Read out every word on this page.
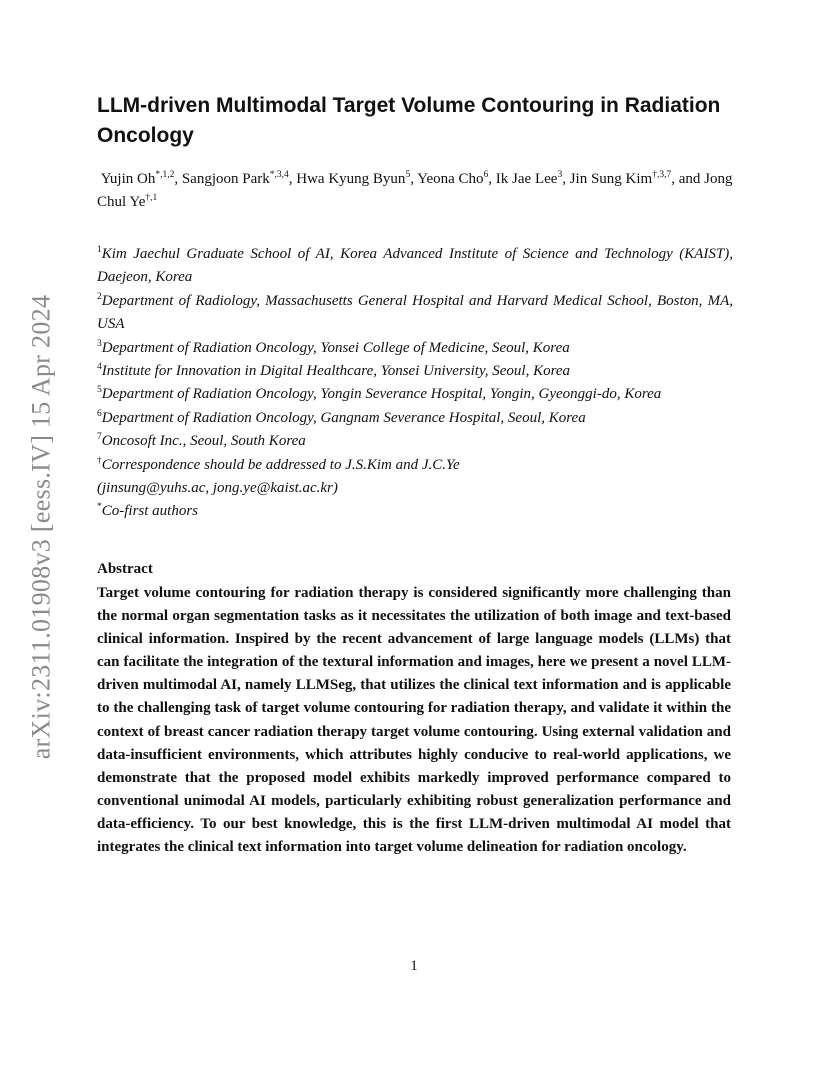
arXiv:2311.01908v3 [eess.IV] 15 Apr 2024
LLM-driven Multimodal Target Volume Contouring in Radiation Oncology
Yujin $Oh^{*,1,2}$, Sangjoon Park$^{*,3,4}$, Hwa Kyung Byun$^5$, Yeona Cho$^6$, Ik Jae Lee$^3$, Jin Sung Kim$^{\dagger,3,7}$, and Jong Chul $Ye^{\dagger,1}$
$^1$Kim Jaechul Graduate School of AI, Korea Advanced Institute of Science and Technology (KAIST), Daejeon, Korea
$^2$Department of Radiology, Massachusetts General Hospital and Harvard Medical School, Boston, MA, USA
$^3$Department of Radiation Oncology, Yonsei College of Medicine, Seoul, Korea
$^4$Institute for Innovation in Digital Healthcare, Yonsei University, Seoul, Korea
$^5$Department of Radiation Oncology, Yongin Severance Hospital, Yongin, Gyeonggi-do, Korea
$^6$Department of Radiation Oncology, Gangnam Severance Hospital, Seoul, Korea
$^7$Oncosoft Inc., Seoul, South Korea
†Correspondence should be addressed to J.S.Kim and J.C.Ye
(jinsung@yuhs.ac, jong.ye@kaist.ac.kr)
*Co-first authors
Abstract
Target volume contouring for radiation therapy is considered significantly more challenging than the normal organ segmentation tasks as it necessitates the utilization of both image and text-based clinical information. Inspired by the recent advancement of large language models (LLMs) that can facilitate the integration of the textural information and images, here we present a novel LLM-driven multimodal AI, namely LLMSeg, that utilizes the clinical text information and is applicable to the challenging task of target volume contouring for radiation therapy, and validate it within the context of breast cancer radiation therapy target volume contouring. Using external validation and data-insufficient environments, which attributes highly conducive to real-world applications, we demonstrate that the proposed model exhibits markedly improved performance compared to conventional unimodal AI models, particularly exhibiting robust generalization performance and data-efficiency. To our best knowledge, this is the first LLM-driven multimodal AI model that integrates the clinical text information into target volume delineation for radiation oncology.
1
